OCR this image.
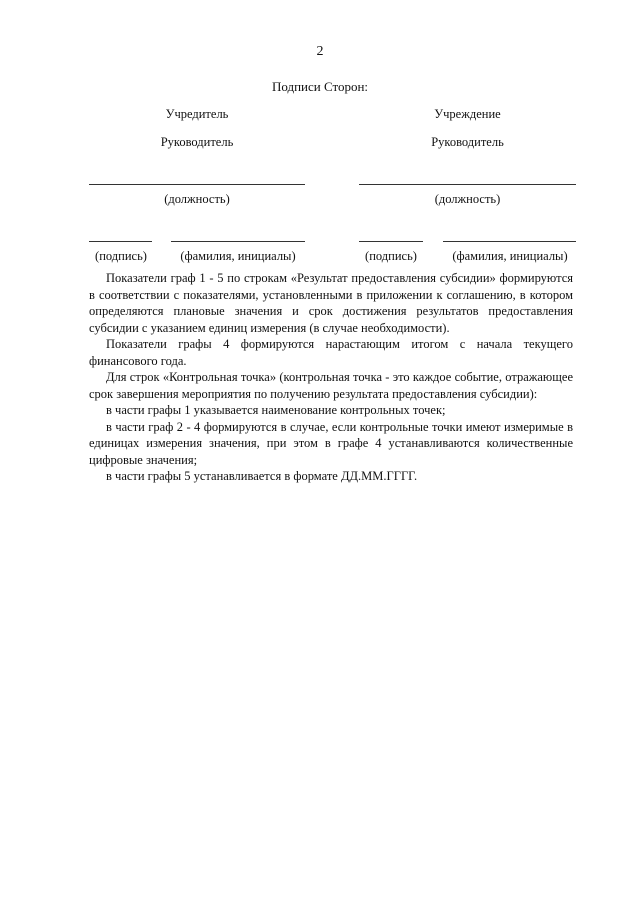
2
Подписи Сторон:
Учредитель
Руководитель
(должность)
(подпись)	(фамилия, инициалы)
Учреждение
Руководитель
(должность)
(подпись)	(фамилия, инициалы)

Показатели граф 1 - 5 по строкам «Результат предоставления субсидии» формируются в соответствии с показателями, установленными в приложении к соглашению, в котором определяются плановые значения и срок достижения результатов предоставления субсидии с указанием единиц измерения (в случае необходимости).

Показатели графы 4 формируются нарастающим итогом с начала текущего финансового года.

Для строк «Контрольная точка» (контрольная точка - это каждое событие, отражающее срок завершения мероприятия по получению результата предоставления субсидии):

в части графы 1 указывается наименование контрольных точек;

в части граф 2 - 4 формируются в случае, если контрольные точки имеют измеримые в единицах измерения значения, при этом в графе 4 устанавливаются количественные цифровые значения;

в части графы 5 устанавливается в формате ДД.ММ.ГГГГ.
